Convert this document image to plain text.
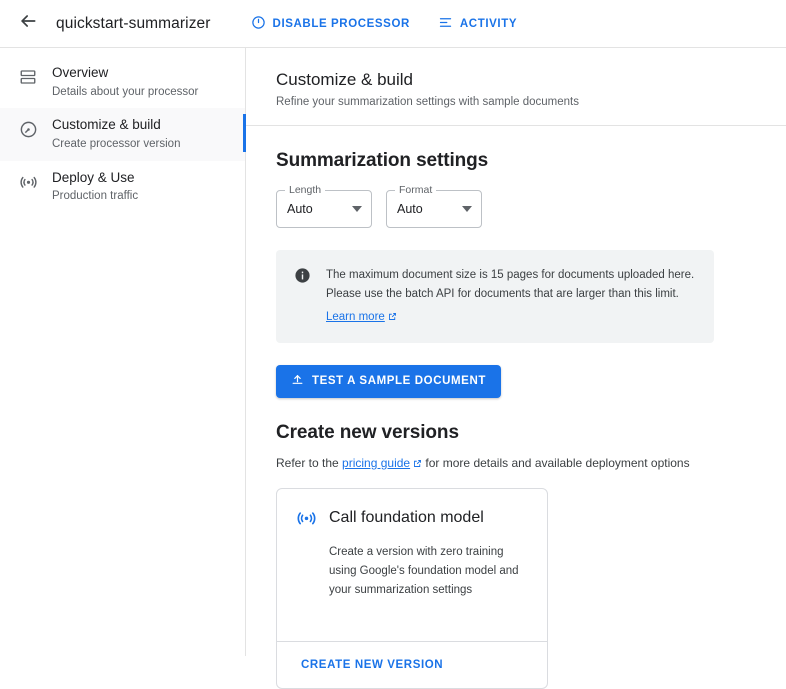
quickstart-summarizer	DISABLE PROCESSOR	ACTIVITY
Overview
Details about your processor
Customize & build
Create processor version
Deploy & Use
Production traffic
Customize & build
Refine your summarization settings with sample documents
Summarization settings
Length
Auto
Format
Auto
The maximum document size is 15 pages for documents uploaded here.
Please use the batch API for documents that are larger than this limit.
Learn more
TEST A SAMPLE DOCUMENT
Create new versions
Refer to the pricing guide for more details and available deployment options
Call foundation model
Create a version with zero training using Google's foundation model and your summarization settings
CREATE NEW VERSION
